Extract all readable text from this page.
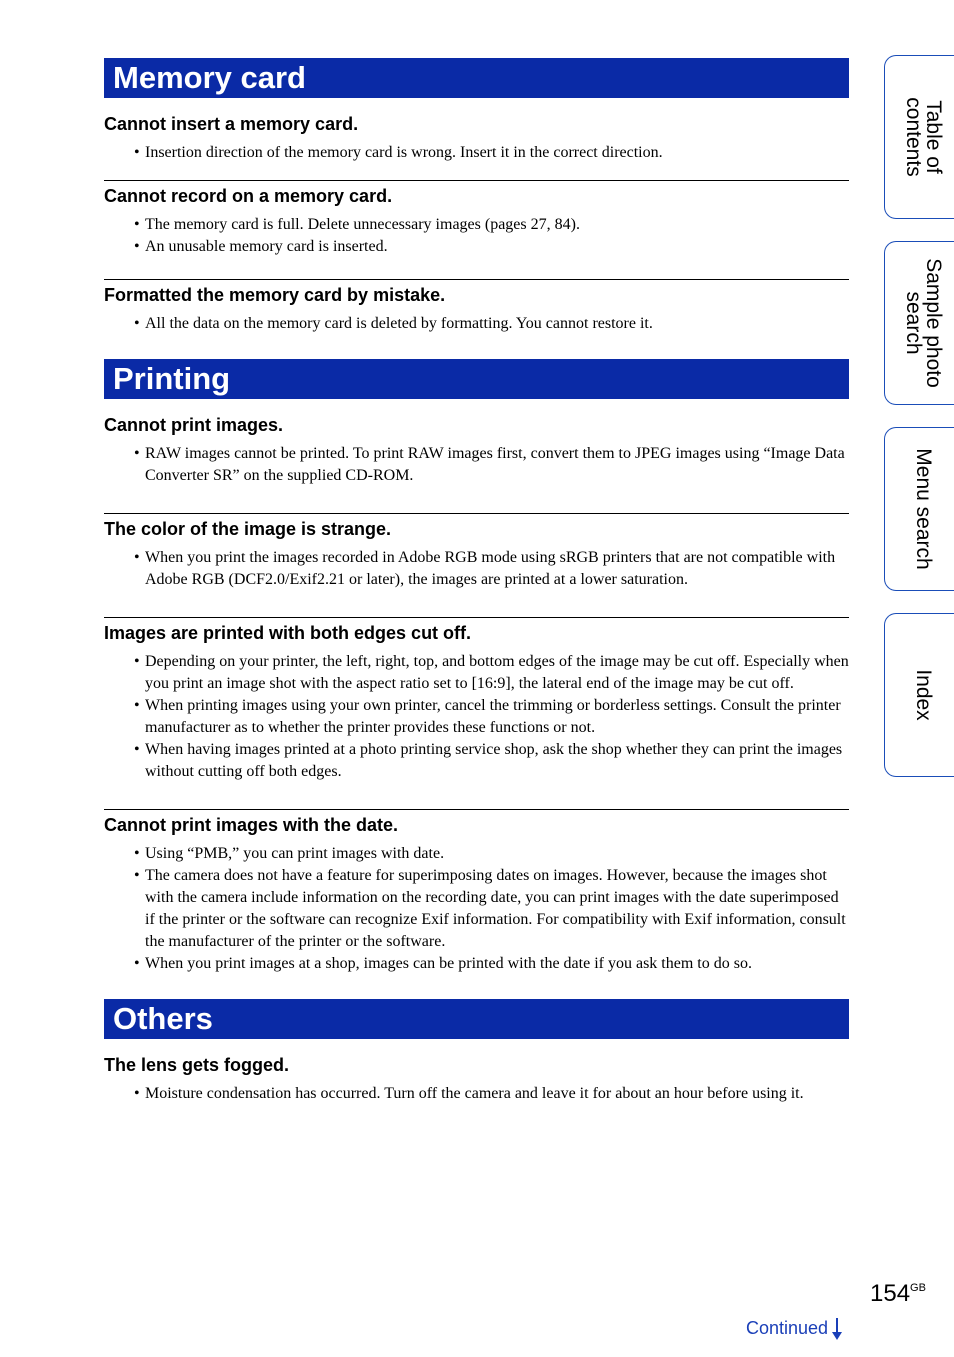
Memory card
Cannot insert a memory card.
• Insertion direction of the memory card is wrong. Insert it in the correct direction.
Cannot record on a memory card.
• The memory card is full. Delete unnecessary images (pages 27, 84).
• An unusable memory card is inserted.
Formatted the memory card by mistake.
• All the data on the memory card is deleted by formatting. You cannot restore it.
Printing
Cannot print images.
• RAW images cannot be printed. To print RAW images first, convert them to JPEG images using “Image Data Converter SR” on the supplied CD-ROM.
The color of the image is strange.
• When you print the images recorded in Adobe RGB mode using sRGB printers that are not compatible with Adobe RGB (DCF2.0/Exif2.21 or later), the images are printed at a lower saturation.
Images are printed with both edges cut off.
• Depending on your printer, the left, right, top, and bottom edges of the image may be cut off. Especially when you print an image shot with the aspect ratio set to [16:9], the lateral end of the image may be cut off.
• When printing images using your own printer, cancel the trimming or borderless settings. Consult the printer manufacturer as to whether the printer provides these functions or not.
• When having images printed at a photo printing service shop, ask the shop whether they can print the images without cutting off both edges.
Cannot print images with the date.
• Using “PMB,” you can print images with date.
• The camera does not have a feature for superimposing dates on images. However, because the images shot with the camera include information on the recording date, you can print images with the date superimposed if the printer or the software can recognize Exif information. For compatibility with Exif information, consult the manufacturer of the printer or the software.
• When you print images at a shop, images can be printed with the date if you ask them to do so.
Others
The lens gets fogged.
• Moisture condensation has occurred. Turn off the camera and leave it for about an hour before using it.
Table of
contents
Sample photo
search
Menu search
Index
$154^{GB}$
Continued
